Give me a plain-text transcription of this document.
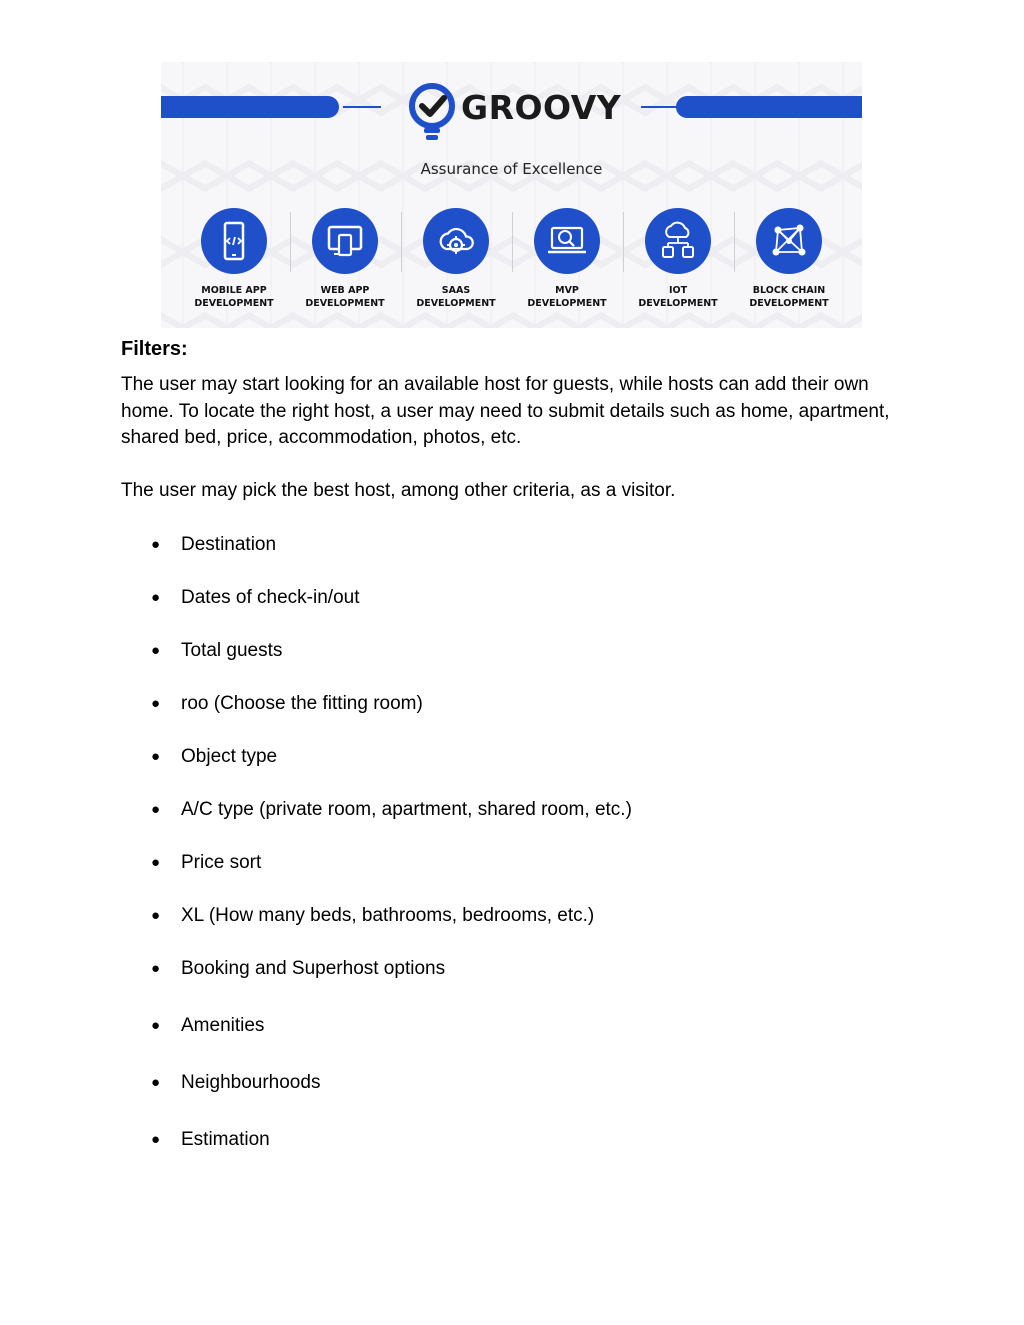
GROOVY
Assurance of Excellence
MOBILE APP
DEVELOPMENT
WEB APP
DEVELOPMENT
SAAS
DEVELOPMENT
MVP
DEVELOPMENT
IOT
DEVELOPMENT
BLOCK CHAIN
DEVELOPMENT
Filters:

The user may start looking for an available host for guests, while hosts can add their own home. To locate the right host, a user may need to submit details such as home, apartment, shared bed, price, accommodation, photos, etc.

The user may pick the best host, among other criteria, as a visitor.

● Destination
● Dates of check-in/out
● Total guests
● roo (Choose the fitting room)
● Object type
● A/C type (private room, apartment, shared room, etc.)
● Price sort
● XL (How many beds, bathrooms, bedrooms, etc.)
● Booking and Superhost options
● Amenities
● Neighbourhoods
● Estimation
